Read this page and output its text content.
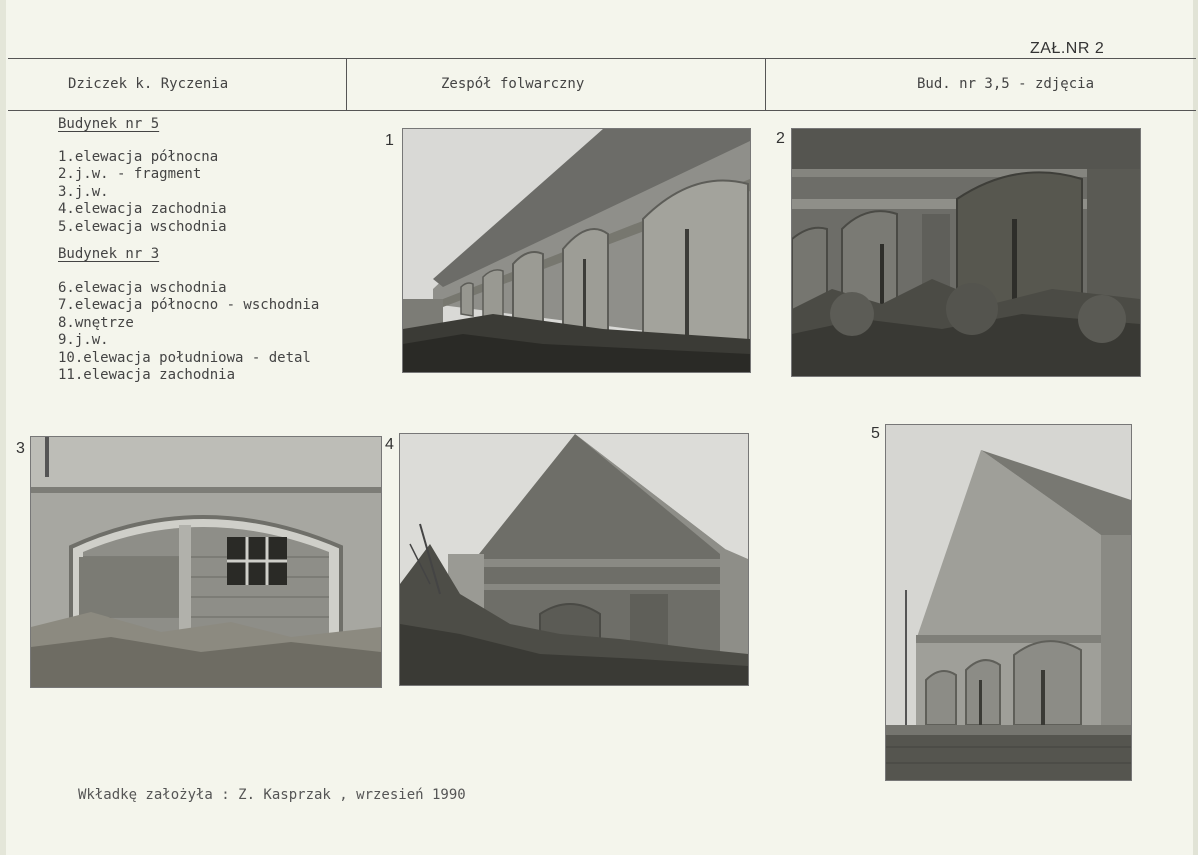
ZAŁ.NR 2
Dziczek k. Ryczenia	Zespół folwarczny	Bud. nr 3,5 - zdjęcia
Budynek nr 5
1.elewacja północna
2.j.w. - fragment
3.j.w.
4.elewacja zachodnia
5.elewacja wschodnia
Budynek nr 3
6.elewacja wschodnia
7.elewacja północno - wschodnia
8.wnętrze
9.j.w.
10.elewacja południowa - detal
11.elewacja zachodnia
1	2
3	4
5
Wkładkę założyła : Z. Kasprzak , wrzesień 1990
